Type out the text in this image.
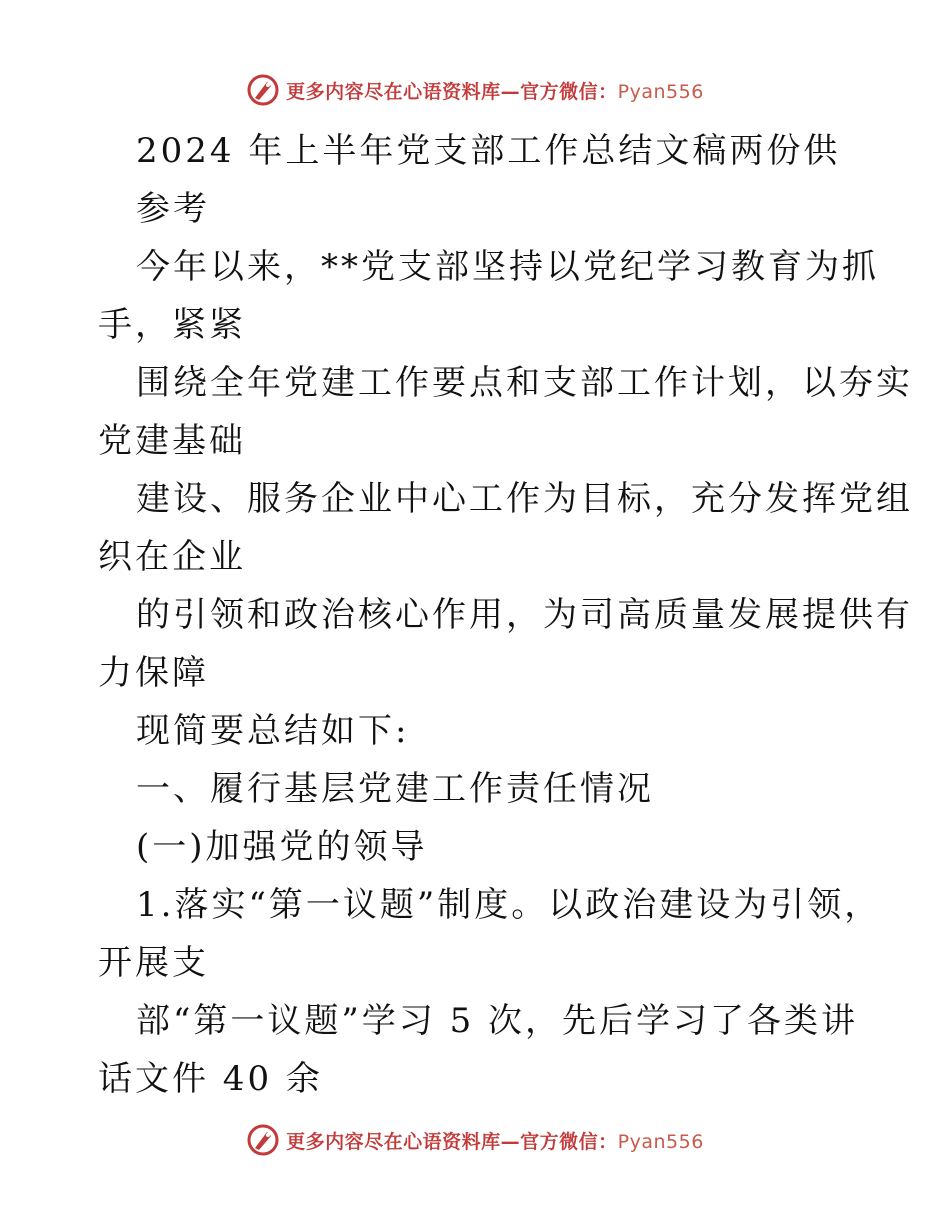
更多内容尽在心语资料库—官方微信：Pyan556
2024 年上半年党支部工作总结文稿两份供
参考
今年以来，**党支部坚持以党纪学习教育为抓
手，紧紧
围绕全年党建工作要点和支部工作计划，以夯实
党建基础
建设、服务企业中心工作为目标，充分发挥党组
织在企业
的引领和政治核心作用，为司高质量发展提供有
力保障
现简要总结如下:
一、履行基层党建工作责任情况
(一)加强党的领导
1.落实“第一议题”制度。以政治建设为引领，
开展支
部“第一议题”学习 5 次，先后学习了各类讲
话文件 40 余
更多内容尽在心语资料库—官方微信：Pyan556
